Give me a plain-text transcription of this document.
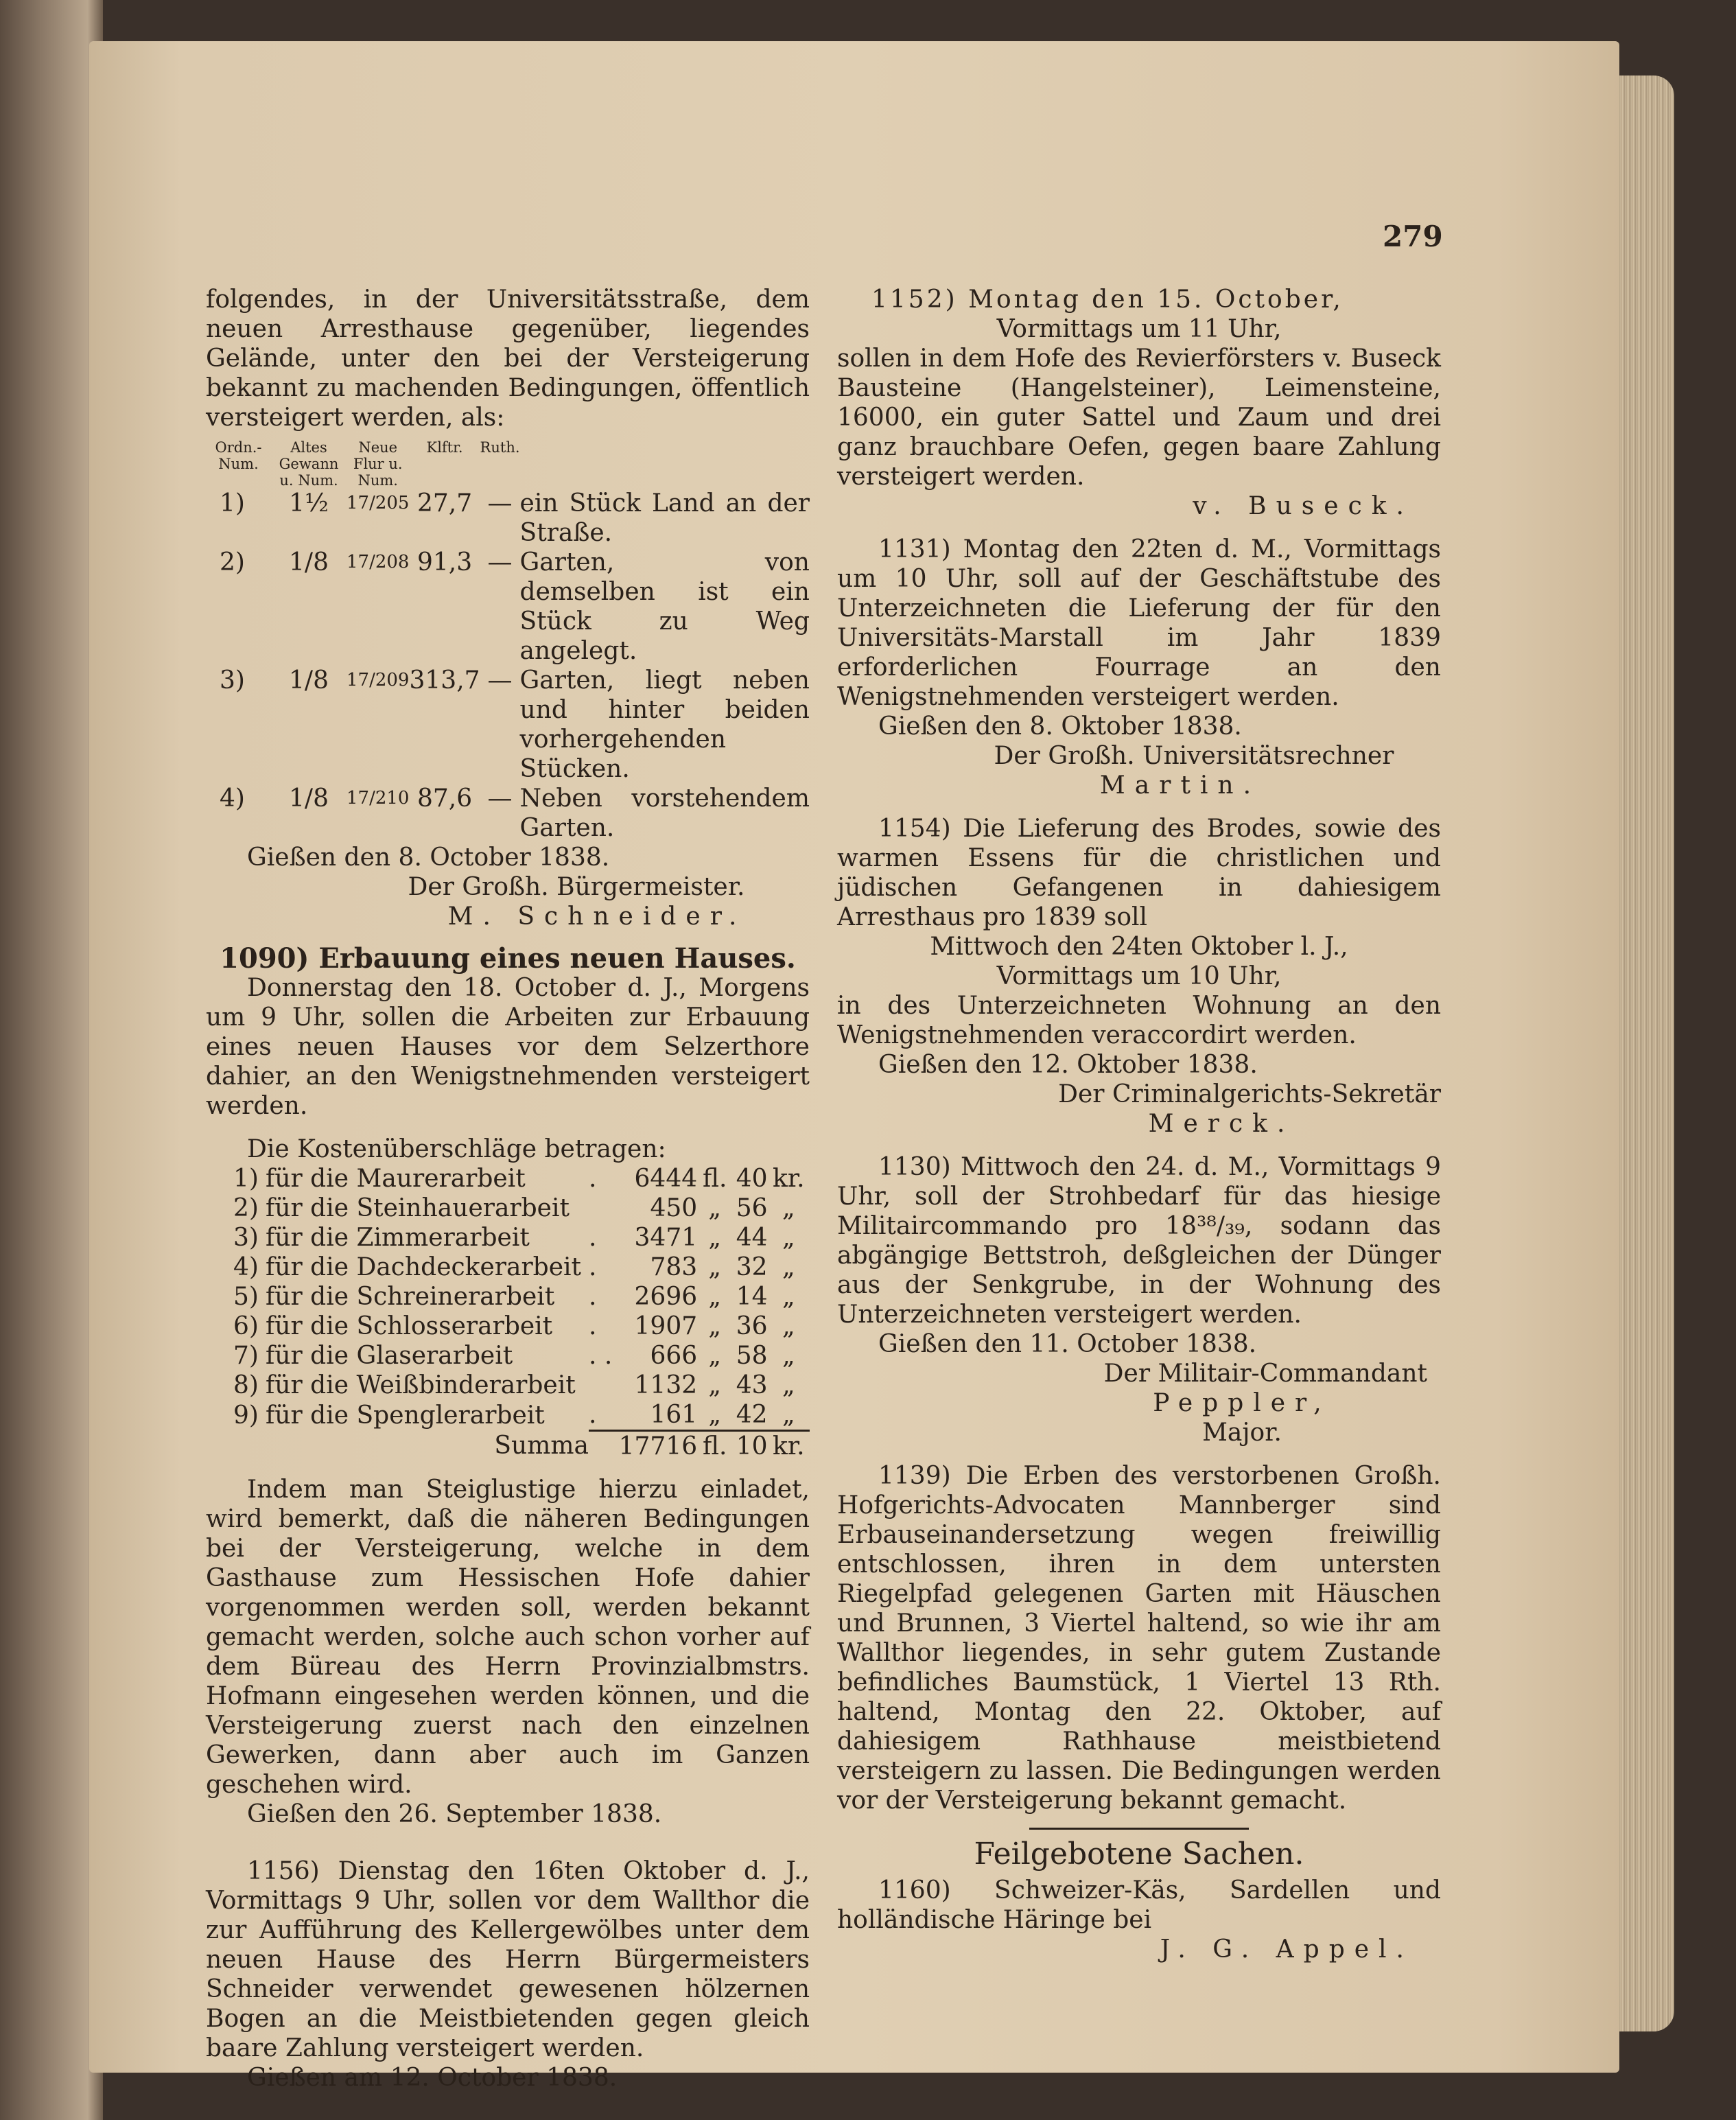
279

folgendes, in der Universitätsstraße, dem neuen Arresthause gegenüber, liegendes Gelände, unter den bei der Versteigerung bekannt zu machenden Bedingungen, öffentlich versteigert werden, als:

Ordn.-Num.	Altes Gewann u. Num.	Neue Flur u. Num.	Klftr.	Ruth.	
1)	1½	17/205	27,7	—	ein Stück Land an der Straße.
2)	1/8	17/208	91,3	—	Garten, von demselben ist ein Stück zu Weg angelegt.
3)	1/8	17/209	313,7	—	Garten, liegt neben und hinter beiden vorhergehenden Stücken.
4)	1/8	17/210	87,6	—	Neben vorstehendem Garten.

Gießen den 8. October 1838.

Der Großh. Bürgermeister.

M. Schneider.

1090) Erbauung eines neuen Hauses.

Donnerstag den 18. October d. J., Morgens um 9 Uhr, sollen die Arbeiten zur Erbauung eines neuen Hauses vor dem Selzerthore dahier, an den Wenigstnehmenden versteigert werden.

Die Kostenüberschläge betragen:

1)	für die Maurerarbeit	.	6444	fl.	40	kr.
2)	für die Steinhauerarbeit		450	„	56	„
3)	für die Zimmerarbeit	.	3471	„	44	„
4)	für die Dachdeckerarbeit	.	783	„	32	„
5)	für die Schreinerarbeit	.	2696	„	14	„
6)	für die Schlosserarbeit	.	1907	„	36	„
7)	für die Glaserarbeit	. .	666	„	58	„
8)	für die Weißbinderarbeit		1132	„	43	„
9)	für die Spenglerarbeit	.	161	„	42	„
	Summa		17716	fl.	10	kr.

Indem man Steiglustige hierzu einladet, wird bemerkt, daß die näheren Bedingungen bei der Versteigerung, welche in dem Gasthause zum Hessischen Hofe dahier vorgenommen werden soll, werden bekannt gemacht werden, solche auch schon vorher auf dem Büreau des Herrn Provinzialbmstrs. Hofmann eingesehen werden können, und die Versteigerung zuerst nach den einzelnen Gewerken, dann aber auch im Ganzen geschehen wird.

Gießen den 26. September 1838.

1156) Dienstag den 16ten Oktober d. J., Vormittags 9 Uhr, sollen vor dem Wallthor die zur Aufführung des Kellergewölbes unter dem neuen Hause des Herrn Bürgermeisters Schneider verwendet gewesenen hölzernen Bogen an die Meistbietenden gegen gleich baare Zahlung versteigert werden.

Gießen am 12. October 1838.

1152) Montag den 15. October,

Vormittags um 11 Uhr,

sollen in dem Hofe des Revierförsters v. Buseck Bausteine (Hangelsteiner), Leimensteine, 16000, ein guter Sattel und Zaum und drei ganz brauchbare Oefen, gegen baare Zahlung versteigert werden.

v. Buseck.

1131) Montag den 22ten d. M., Vormittags um 10 Uhr, soll auf der Geschäftstube des Unterzeichneten die Lieferung der für den Universitäts-Marstall im Jahr 1839 erforderlichen Fourrage an den Wenigstnehmenden versteigert werden.

Gießen den 8. Oktober 1838.

Der Großh. Universitätsrechner

Martin.

1154) Die Lieferung des Brodes, sowie des warmen Essens für die christlichen und jüdischen Gefangenen in dahiesigem Arresthaus pro 1839 soll

Mittwoch den 24ten Oktober l. J.,

Vormittags um 10 Uhr,

in des Unterzeichneten Wohnung an den Wenigstnehmenden veraccordirt werden.

Gießen den 12. Oktober 1838.

Der Criminalgerichts-Sekretär

Merck.

1130) Mittwoch den 24. d. M., Vormittags 9 Uhr, soll der Strohbedarf für das hiesige Militaircommando pro 18³⁸/₃₉, sodann das abgängige Bettstroh, deßgleichen der Dünger aus der Senkgrube, in der Wohnung des Unterzeichneten versteigert werden.

Gießen den 11. October 1838.

Der Militair-Commandant

Peppler,

Major.

1139) Die Erben des verstorbenen Großh. Hofgerichts-Advocaten Mannberger sind Erbauseinandersetzung wegen freiwillig entschlossen, ihren in dem untersten Riegelpfad gelegenen Garten mit Häuschen und Brunnen, 3 Viertel haltend, so wie ihr am Wallthor liegendes, in sehr gutem Zustande befindliches Baumstück, 1 Viertel 13 Rth. haltend, Montag den 22. Oktober, auf dahiesigem Rathhause meistbietend versteigern zu lassen. Die Bedingungen werden vor der Versteigerung bekannt gemacht.

Feilgebotene Sachen.

1160) Schweizer-Käs, Sardellen und holländische Häringe bei

J. G. Appel.
